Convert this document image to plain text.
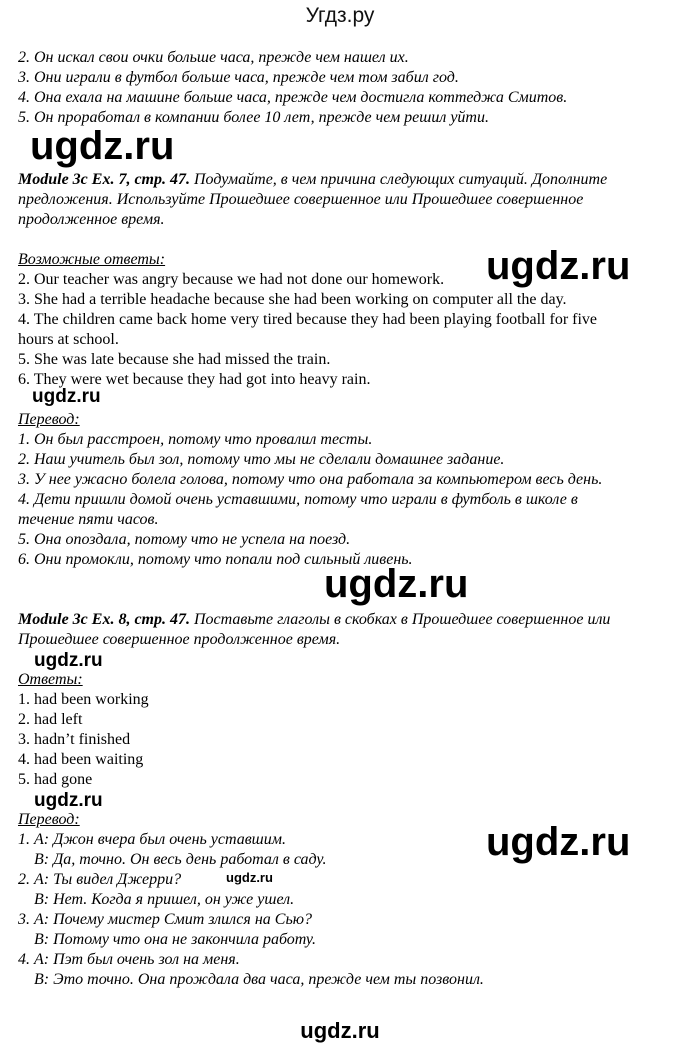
Угдз.ру
2. Он искал свои очки больше часа, прежде чем нашел их.
3. Они играли в футбол больше часа, прежде чем том забил год.
4. Она ехала на машине больше часа, прежде чем достигла коттеджа Смитов.
5. Он проработал в компании более 10 лет, прежде чем решил уйти.
ugdz.ru
Module 3c Ex. 7, стр. 47. Подумайте, в чем причина следующих ситуаций. Дополните
предложения. Используйте Прошедшее совершенное или Прошедшее совершенное
продолженное время.
Возможные ответы:
2. Our teacher was angry because we had not done our homework. ugdz.ru
3. She had a terrible headache because she had been working on computer all the day.
4. The children came back home very tired because they had been playing football for five
hours at school.
5. She was late because she had missed the train.
6. They were wet because they had got into heavy rain.
ugdz.ru
Перевод:
1. Он был расстроен, потому что провалил тесты.
2. Наш учитель был зол, потому что мы не сделали домашнее задание.
3. У нее ужасно болела голова, потому что она работала за компьютером весь день.
4. Дети пришли домой очень уставшими, потому что играли в футболь в школе в
течение пяти часов.
5. Она опоздала, потому что не успела на поезд.
6. Они промокли, потому что попали под сильный ливень.
ugdz.ru
Module 3c Ex. 8, стр. 47. Поставьте глаголы в скобках в Прошедшее совершенное или
Прошедшее совершенное продолженное время.
ugdz.ru
Ответы:
1. had been working
2. had left
3. hadn’t finished
4. had been waiting
5. had gone
ugdz.ru
Перевод:
1. А: Джон вчера был очень уставшим.
В: Да, точно. Он весь день работал в саду.	ugdz.ru
2. А: Ты видел Джерри?	ugdz.ru
В: Нет. Когда я пришел, он уже ушел.
3. А: Почему мистер Смит злился на Сью?
В: Потому что она не закончила работу.
4. А: Пэт был очень зол на меня.
В: Это точно. Она прождала два часа, прежде чем ты позвонил.
ugdz.ru
